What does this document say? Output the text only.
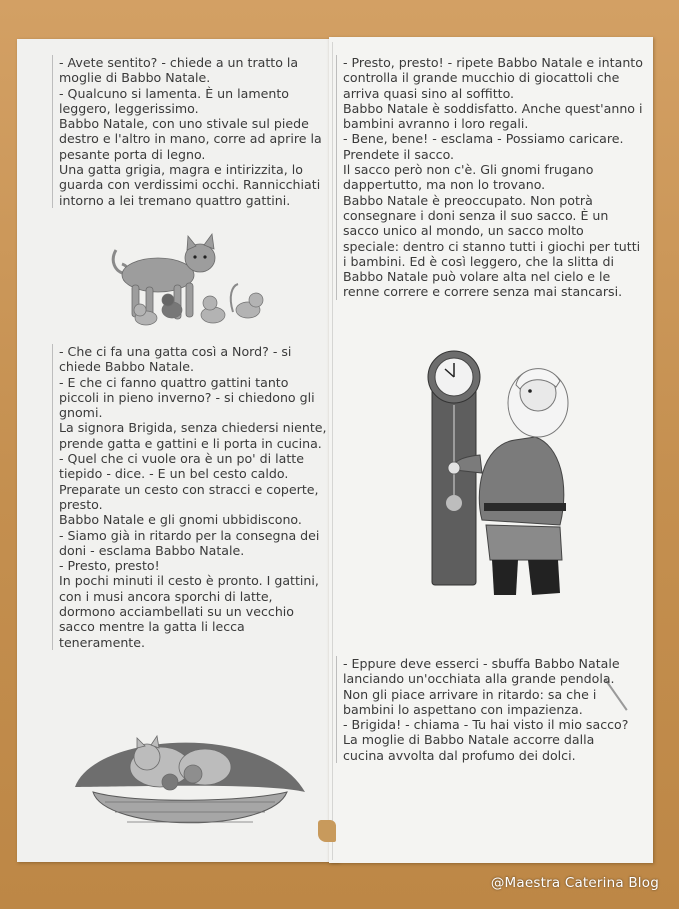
- Avete sentito? - chiede a un tratto la moglie di Babbo Natale.

- Qualcuno si lamenta. È un lamento leggero, leggerissimo.

Babbo Natale, con uno stivale sul piede destro e l'altro in mano, corre ad aprire la pesante porta di legno.

Una gatta grigia, magra e intirizzita, lo guarda con verdissimi occhi. Rannicchiati intorno a lei tremano quattro gattini.

- Che ci fa una gatta così a Nord? - si chiede Babbo Natale.

- E che ci fanno quattro gattini tanto piccoli in pieno inverno? - si chiedono gli gnomi.

La signora Brigida, senza chiedersi niente, prende gatta e gattini e li porta in cucina.

- Quel che ci vuole ora è un po' di latte tiepido - dice. - E un bel cesto caldo. Preparate un cesto con stracci e coperte, presto.

Babbo Natale e gli gnomi ubbidiscono.

- Siamo già in ritardo per la consegna dei doni - esclama Babbo Natale.

- Presto, presto!

In pochi minuti il cesto è pronto. I gattini, con i musi ancora sporchi di latte, dormono acciambellati su un vecchio sacco mentre la gatta li lecca teneramente.

- Presto, presto! - ripete Babbo Natale e intanto controlla il grande mucchio di giocattoli che arriva quasi sino al soffitto.

Babbo Natale è soddisfatto. Anche quest'anno i bambini avranno i loro regali.

- Bene, bene! - esclama - Possiamo caricare. Prendete il sacco.

Il sacco però non c'è. Gli gnomi frugano dappertutto, ma non lo trovano.

Babbo Natale è preoccupato. Non potrà consegnare i doni senza il suo sacco. È un sacco unico al mondo, un sacco molto speciale: dentro ci stanno tutti i giochi per tutti i bambini. Ed è così leggero, che la slitta di Babbo Natale può volare alta nel cielo e le renne correre e correre senza mai stancarsi.

- Eppure deve esserci - sbuffa Babbo Natale lanciando un'occhiata alla grande pendola. Non gli piace arrivare in ritardo: sa che i bambini lo aspettano con impazienza.

- Brigida! - chiama - Tu hai visto il mio sacco?

La moglie di Babbo Natale accorre dalla cucina avvolta dal profumo dei dolci.

@Maestra Caterina Blog
